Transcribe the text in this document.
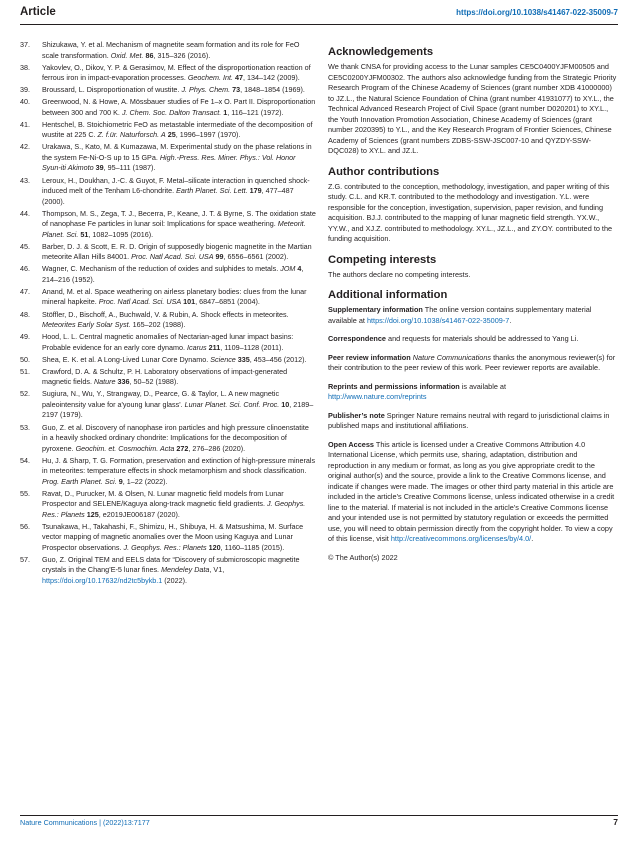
Article	https://doi.org/10.1038/s41467-022-35009-7
37. Shizukawa, Y. et al. Mechanism of magnetite seam formation and its role for FeO scale transformation. Oxid. Met. 86, 315–326 (2016).
38. Yakovlev, O., Dikov, Y. P. & Gerasimov, M. Effect of the disproportionation reaction of ferrous iron in impact-evaporation processes. Geochem. Int. 47, 134–142 (2009).
39. Broussard, L. Disproportionation of wustite. J. Phys. Chem. 73, 1848–1854 (1969).
40. Greenwood, N. & Howe, A. Mössbauer studies of Fe 1–x O. Part II. Disproportionation between 300 and 700 K. J. Chem. Soc. Dalton Transact. 1, 116–121 (1972).
41. Hentschel, B. Stoichiometric FeO as metastable intermediate of the decomposition of wustite at 225 C. Z. f.ür. Naturforsch. A 25, 1996–1997 (1970).
42. Urakawa, S., Kato, M. & Kumazawa, M. Experimental study on the phase relations in the system Fe-Ni-O-S up to 15 GPa. High.-Press. Res. Miner. Phys.: Vol. Honor Syun-iti Akimoto 39, 95–111 (1987).
43. Leroux, H., Doukhan, J.-C. & Guyot, F. Metal–silicate interaction in quenched shock-induced melt of the Tenham L6-chondrite. Earth Planet. Sci. Lett. 179, 477–487 (2000).
44. Thompson, M. S., Zega, T. J., Becerra, P., Keane, J. T. & Byrne, S. The oxidation state of nanophase Fe particles in lunar soil: Implications for space weathering. Meteorit. Planet. Sci. 51, 1082–1095 (2016).
45. Barber, D. J. & Scott, E. R. D. Origin of supposedly biogenic magnetite in the Martian meteorite Allan Hills 84001. Proc. Natl Acad. Sci. USA 99, 6556–6561 (2002).
46. Wagner, C. Mechanism of the reduction of oxides and sulphides to metals. JOM 4, 214–216 (1952).
47. Anand, M. et al. Space weathering on airless planetary bodies: clues from the lunar mineral hapkeite. Proc. Natl Acad. Sci. USA 101, 6847–6851 (2004).
48. Stöffler, D., Bischoff, A., Buchwald, V. & Rubin, A. Shock effects in meteorites. Meteorites Early Solar Syst. 165–202 (1988).
49. Hood, L. L. Central magnetic anomalies of Nectarian-aged lunar impact basins: Probable evidence for an early core dynamo. Icarus 211, 1109–1128 (2011).
50. Shea, E. K. et al. A Long-Lived Lunar Core Dynamo. Science 335, 453–456 (2012).
51. Crawford, D. A. & Schultz, P. H. Laboratory observations of impact-generated magnetic fields. Nature 336, 50–52 (1988).
52. Sugiura, N., Wu, Y., Strangway, D., Pearce, G. & Taylor, L. A new magnetic paleointensity value for a'young lunar glass'. Lunar Planet. Sci. Conf. Proc. 10, 2189–2197 (1979).
53. Guo, Z. et al. Discovery of nanophase iron particles and high pressure clinoenstatite in a heavily shocked ordinary chondrite: Implications for the decomposition of pyroxene. Geochim. et. Cosmochim. Acta 272, 276–286 (2020).
54. Hu, J. & Sharp, T. G. Formation, preservation and extinction of high-pressure minerals in meteorites: temperature effects in shock metamorphism and shock classification. Prog. Earth Planet. Sci. 9, 1–22 (2022).
55. Ravat, D., Purucker, M. & Olsen, N. Lunar magnetic field models from Lunar Prospector and SELENE/Kaguya along-track magnetic field gradients. J. Geophys. Res.: Planets 125, e2019JE006187 (2020).
56. Tsunakawa, H., Takahashi, F., Shimizu, H., Shibuya, H. & Matsushima, M. Surface vector mapping of magnetic anomalies over the Moon using Kaguya and Lunar Prospector observations. J. Geophys. Res.: Planets 120, 1160–1185 (2015).
57. Guo, Z. Original TEM and EELS data for “Discovery of submicroscopic magnetite crystals in the Chang’E-5 lunar fines. Mendeley Data, V1, https://doi.org/10.17632/nd2tc5bykb.1 (2022).
Acknowledgements

We thank CNSA for providing access to the Lunar samples CE5C0400YJFM00505 and CE5C0200YJFM00302. The authors also acknowledge funding from the Strategic Priority Research Program of the Chinese Academy of Sciences (grant number XDB 41000000) to JZ.L., the Natural Science Foundation of China (grant number 41931077) to XY.L., the Technical Advanced Research Project of Civil Space (grant number D020201) to XY.L., the Youth Innovation Promotion Association, Chinese Academy of Sciences (grant number 2020395) to Y.L., and the Key Research Program of Frontier Sciences, Chinese Academy of Sciences (grant numbers ZDBS-SSW-JSC007-10 and QYZDY-SSW-DQC028) to XY.L. and JZ.L.

Author contributions

Z.G. contributed to the conception, methodology, investigation, and paper writing of this study. C.L. and KR.T. contributed to the methodology and investigation. Y.L. were responsible for the conception, investigation, supervision, paper revision, and funding acquisition. BJ.J. contributed to the mapping of lunar magnetic field strength. YX.W., YY.W., and XJ.Z. contributed to methodology. XY.L., JZ.L., and ZY.OY. contributed to the funding acquisition.

Competing interests

The authors declare no competing interests.

Additional information

Supplementary information The online version contains supplementary material available at https://doi.org/10.1038/s41467-022-35009-7.

Correspondence and requests for materials should be addressed to Yang Li.

Peer review information Nature Communications thanks the anonymous reviewer(s) for their contribution to the peer review of this work. Peer reviewer reports are available.

Reprints and permissions information is available at
http://www.nature.com/reprints

Publisher’s note Springer Nature remains neutral with regard to jurisdictional claims in published maps and institutional affiliations.

Open Access This article is licensed under a Creative Commons Attribution 4.0 International License, which permits use, sharing, adaptation, distribution and reproduction in any medium or format, as long as you give appropriate credit to the original author(s) and the source, provide a link to the Creative Commons license, and indicate if changes were made. The images or other third party material in this article are included in the article’s Creative Commons license, unless indicated otherwise in a credit line to the material. If material is not included in the article’s Creative Commons license and your intended use is not permitted by statutory regulation or exceeds the permitted use, you will need to obtain permission directly from the copyright holder. To view a copy of this license, visit http://creativecommons.org/licenses/by/4.0/.

© The Author(s) 2022

Nature Communications | (2022)13:7177	7
